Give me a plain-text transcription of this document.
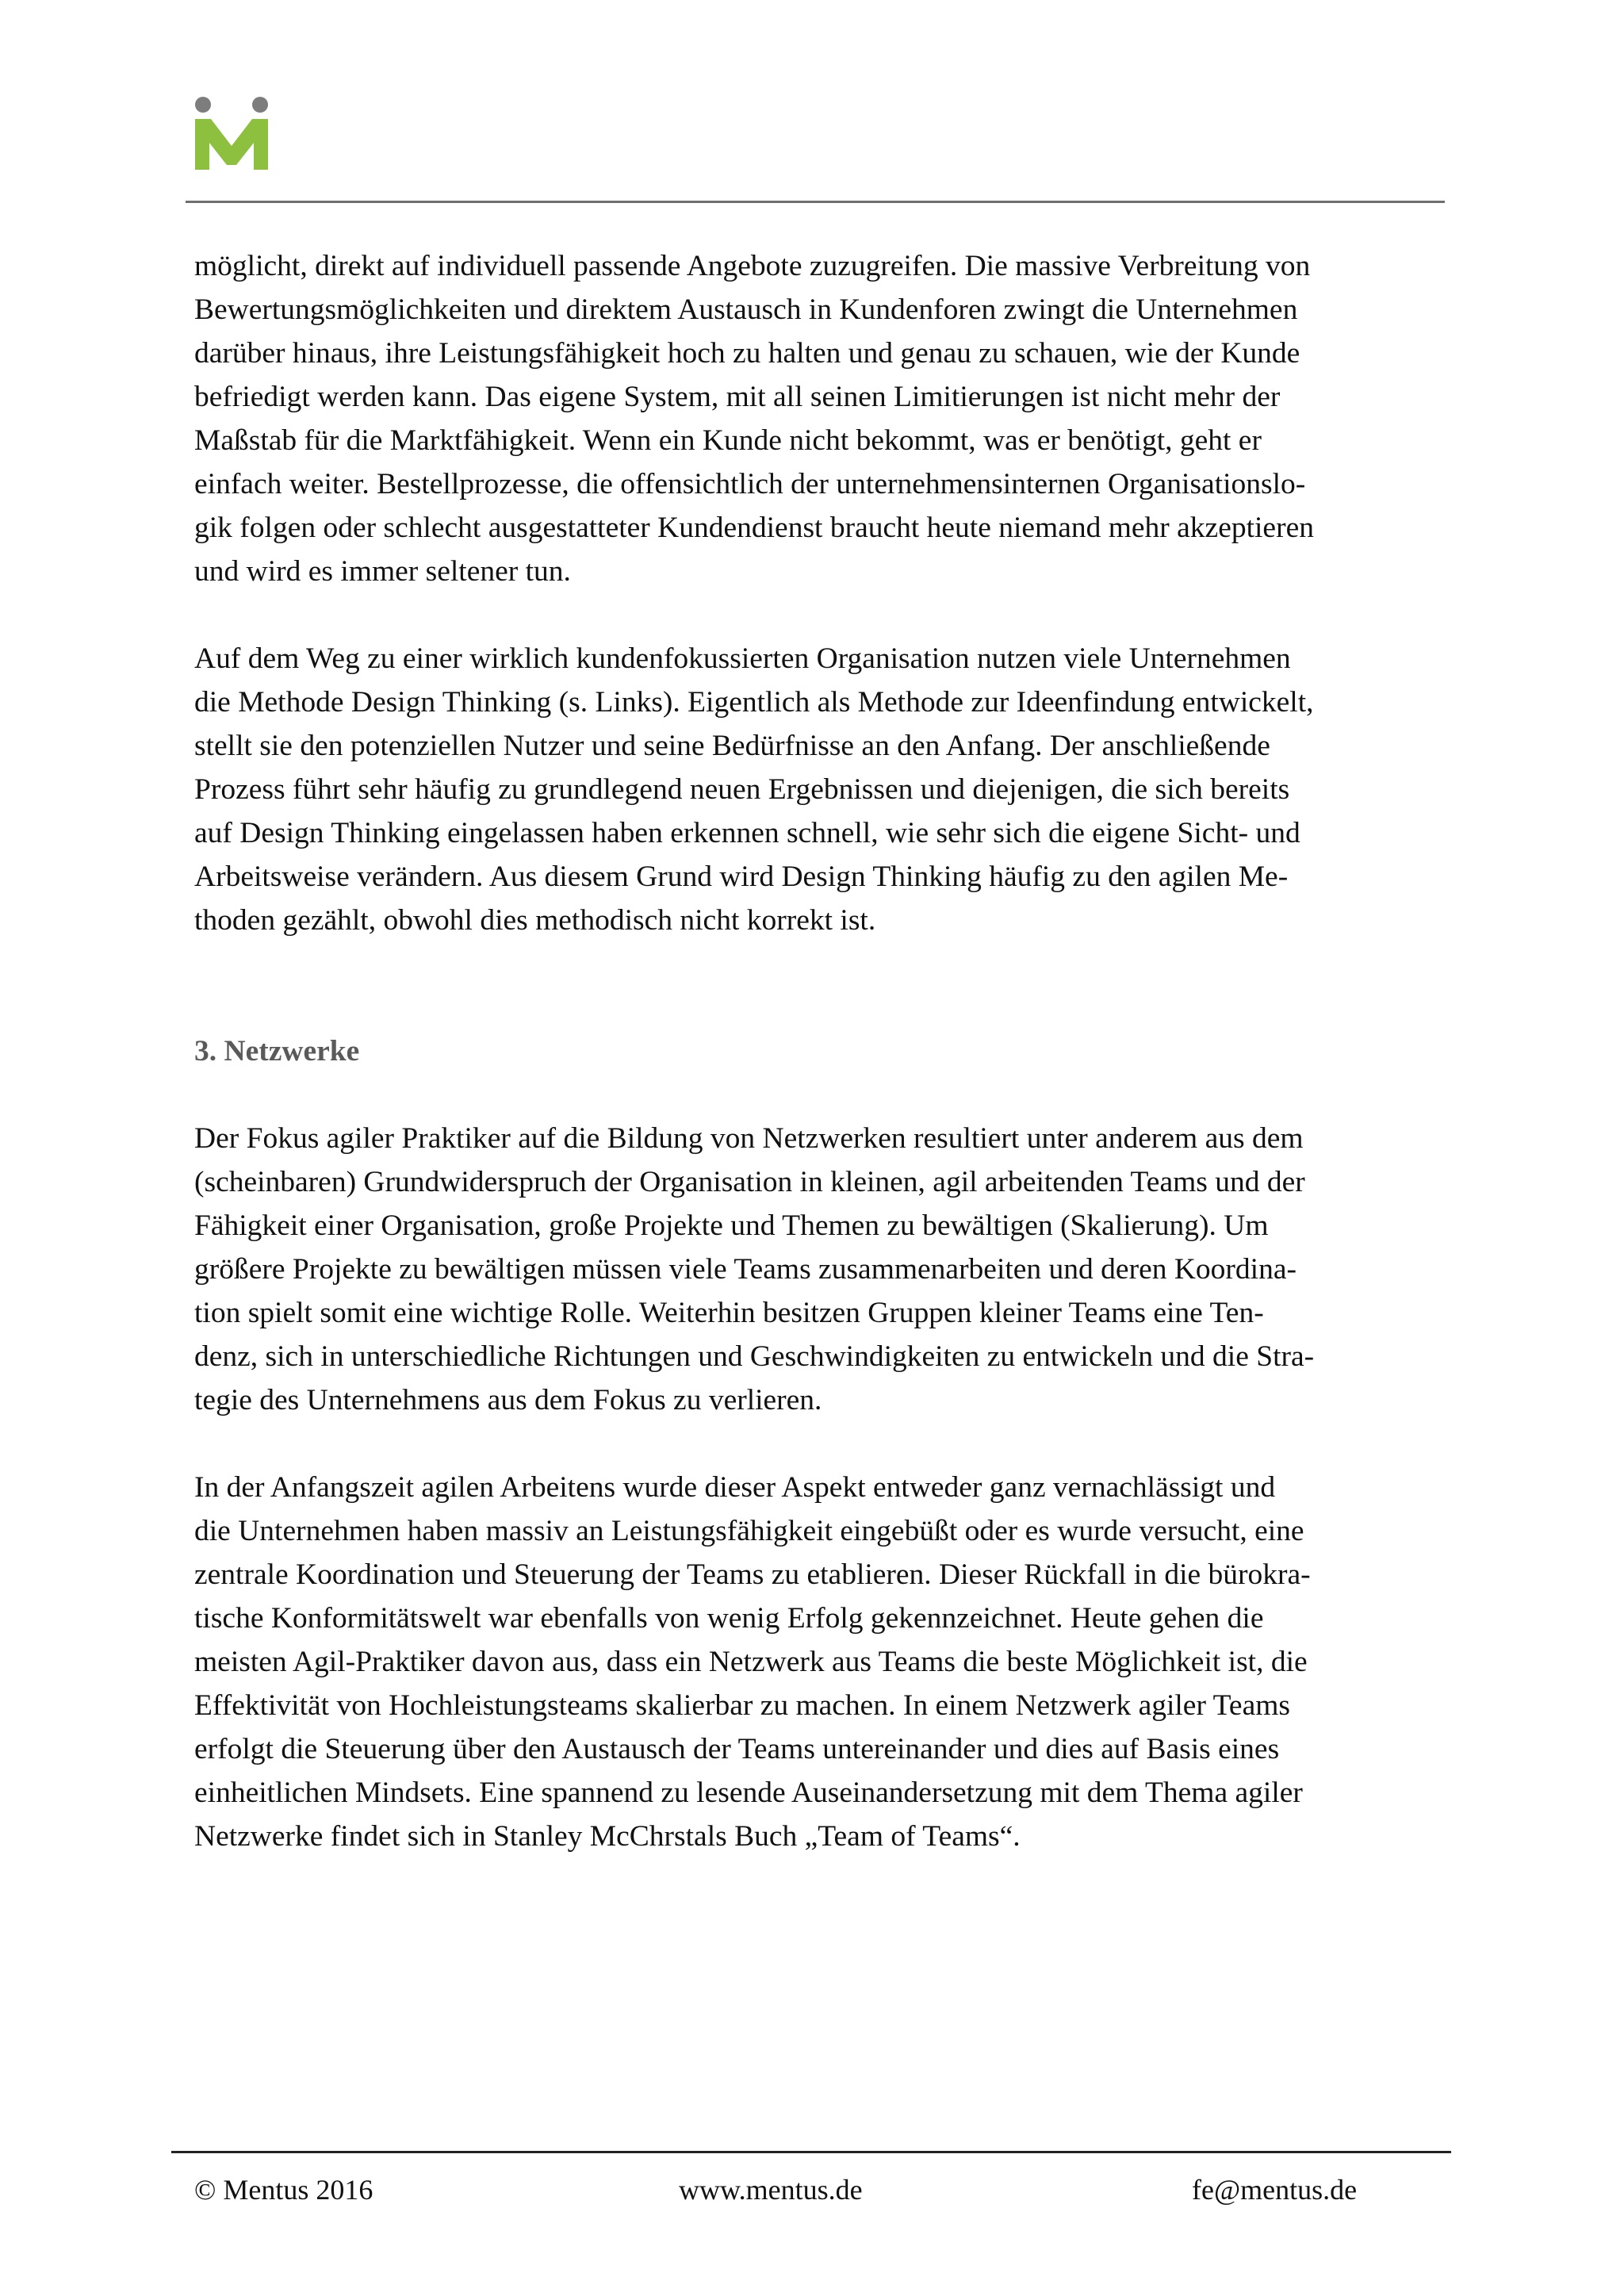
möglicht, direkt auf individuell passende Angebote zuzugreifen. Die massive Verbreitung von

Bewertungsmöglichkeiten und direktem Austausch in Kundenforen zwingt die Unternehmen

darüber hinaus, ihre Leistungsfähigkeit hoch zu halten und genau zu schauen, wie der Kunde

befriedigt werden kann. Das eigene System, mit all seinen Limitierungen ist nicht mehr der

Maßstab für die Marktfähigkeit. Wenn ein Kunde nicht bekommt, was er benötigt, geht er

einfach weiter. Bestellprozesse, die offensichtlich der unternehmensinternen Organisationslo-

gik folgen oder schlecht ausgestatteter Kundendienst braucht heute niemand mehr akzeptieren

und wird es immer seltener tun.

Auf dem Weg zu einer wirklich kundenfokussierten Organisation nutzen viele Unternehmen

die Methode Design Thinking (s. Links). Eigentlich als Methode zur Ideenfindung entwickelt,

stellt sie den potenziellen Nutzer und seine Bedürfnisse an den Anfang. Der anschließende

Prozess führt sehr häufig zu grundlegend neuen Ergebnissen und diejenigen, die sich bereits

auf Design Thinking eingelassen haben erkennen schnell, wie sehr sich die eigene Sicht- und

Arbeitsweise verändern. Aus diesem Grund wird Design Thinking häufig zu den agilen Me-

thoden gezählt, obwohl dies methodisch nicht korrekt ist.

3. Netzwerke

Der Fokus agiler Praktiker auf die Bildung von Netzwerken resultiert unter anderem aus dem

(scheinbaren) Grundwiderspruch der Organisation in kleinen, agil arbeitenden Teams und der

Fähigkeit einer Organisation, große Projekte und Themen zu bewältigen (Skalierung). Um

größere Projekte zu bewältigen müssen viele Teams zusammenarbeiten und deren Koordina-

tion spielt somit eine wichtige Rolle. Weiterhin besitzen Gruppen kleiner Teams eine Ten-

denz, sich in unterschiedliche Richtungen und Geschwindigkeiten zu entwickeln und die Stra-

tegie des Unternehmens aus dem Fokus zu verlieren.

In der Anfangszeit agilen Arbeitens wurde dieser Aspekt entweder ganz vernachlässigt und

die Unternehmen haben massiv an Leistungsfähigkeit eingebüßt oder es wurde versucht, eine

zentrale Koordination und Steuerung der Teams zu etablieren. Dieser Rückfall in die bürokra-

tische Konformitätswelt war ebenfalls von wenig Erfolg gekennzeichnet. Heute gehen die

meisten Agil-Praktiker davon aus, dass ein Netzwerk aus Teams die beste Möglichkeit ist, die

Effektivität von Hochleistungsteams skalierbar zu machen. In einem Netzwerk agiler Teams

erfolgt die Steuerung über den Austausch der Teams untereinander und dies auf Basis eines

einheitlichen Mindsets. Eine spannend zu lesende Auseinandersetzung mit dem Thema agiler

Netzwerke findet sich in Stanley McChrstals Buch „Team of Teams“.

© Mentus 2016	www.mentus.de	fe@mentus.de
